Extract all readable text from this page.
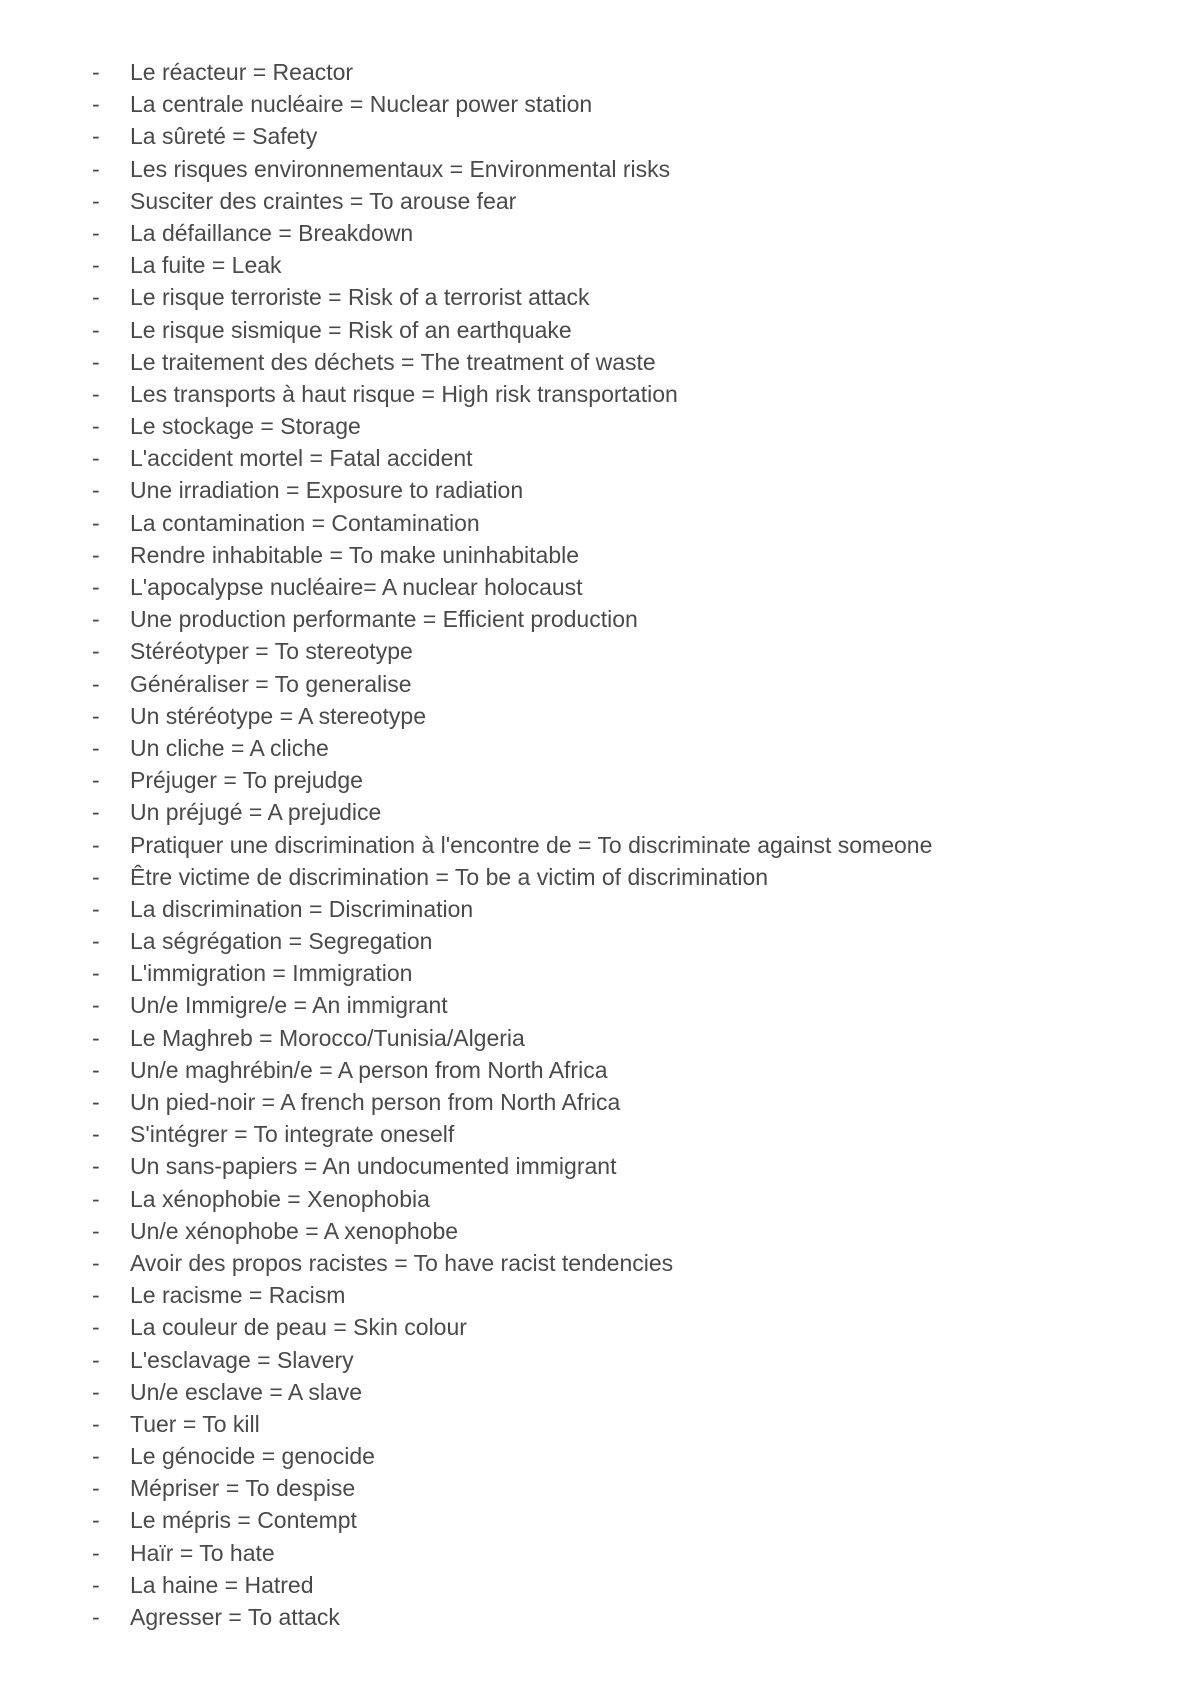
-	Le réacteur = Reactor
-	La centrale nucléaire = Nuclear power station
-	La sûreté = Safety
-	Les risques environnementaux = Environmental risks
-	Susciter des craintes = To arouse fear
-	La défaillance = Breakdown
-	La fuite = Leak
-	Le risque terroriste = Risk of a terrorist attack
-	Le risque sismique = Risk of an earthquake
-	Le traitement des déchets = The treatment of waste
-	Les transports à haut risque = High risk transportation
-	Le stockage = Storage
-	L'accident mortel = Fatal accident
-	Une irradiation = Exposure to radiation
-	La contamination = Contamination
-	Rendre inhabitable = To make uninhabitable
-	L'apocalypse nucléaire= A nuclear holocaust
-	Une production performante = Efficient production
-	Stéréotyper = To stereotype
-	Généraliser = To generalise
-	Un stéréotype = A stereotype
-	Un cliche = A cliche
-	Préjuger = To prejudge
-	Un préjugé = A prejudice
-	Pratiquer une discrimination à l'encontre de = To discriminate against someone
-	Être victime de discrimination = To be a victim of discrimination
-	La discrimination = Discrimination
-	La ségrégation = Segregation
-	L'immigration = Immigration
-	Un/e Immigre/e = An immigrant
-	Le Maghreb = Morocco/Tunisia/Algeria
-	Un/e maghrébin/e = A person from North Africa
-	Un pied-noir = A french person from North Africa
-	S'intégrer = To integrate oneself
-	Un sans-papiers = An undocumented immigrant
-	La xénophobie = Xenophobia
-	Un/e xénophobe = A xenophobe
-	Avoir des propos racistes = To have racist tendencies
-	Le racisme = Racism
-	La couleur de peau = Skin colour
-	L'esclavage = Slavery
-	Un/e esclave = A slave
-	Tuer = To kill
-	Le génocide = genocide
-	Mépriser = To despise
-	Le mépris = Contempt
-	Haïr = To hate
-	La haine = Hatred
-	Agresser = To attack
